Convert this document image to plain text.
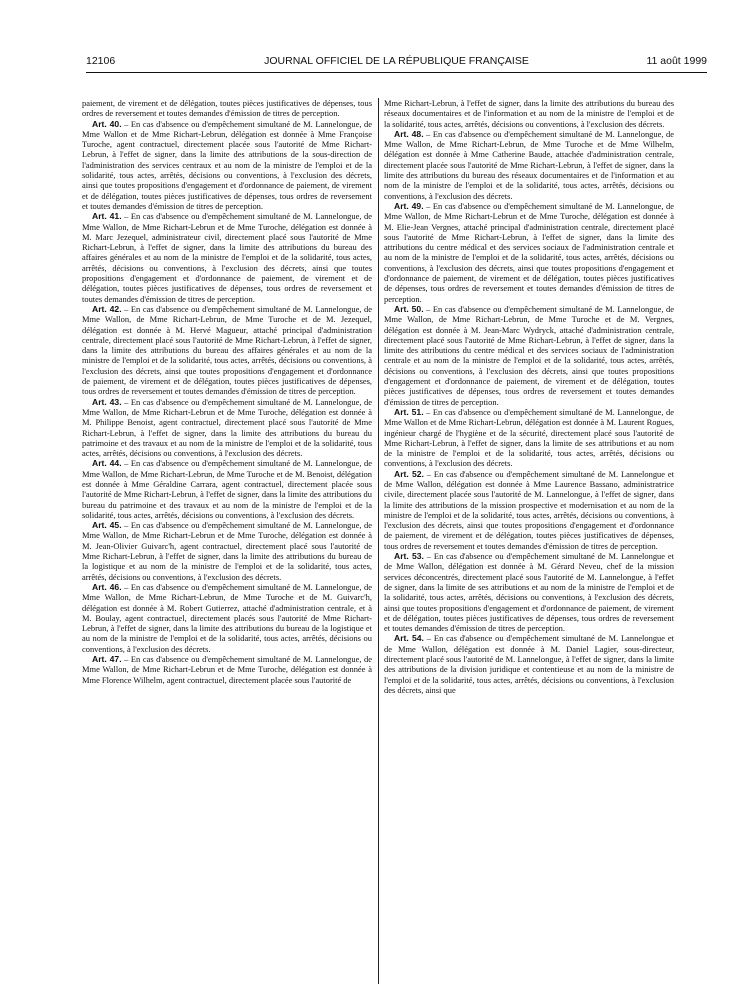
12106	JOURNAL OFFICIEL DE LA RÉPUBLIQUE FRANÇAISE	11 août 1999

paiement, de virement et de délégation, toutes pièces justificatives de dépenses, tous ordres de reversement et toutes demandes d'émission de titres de perception.

Art. 40. – En cas d'absence ou d'empêchement simultané de M. Lannelongue, de Mme Wallon et de Mme Richart-Lebrun, délégation est donnée à Mme Françoise Turoche, agent contractuel, directement placée sous l'autorité de Mme Richart-Lebrun, à l'effet de signer, dans la limite des attributions de la sous-direction de l'administration des services centraux et au nom de la ministre de l'emploi et de la solidarité, tous actes, arrêtés, décisions ou conventions, à l'exclusion des décrets, ainsi que toutes propositions d'engagement et d'ordonnance de paiement, de virement et de délégation, toutes pièces justificatives de dépenses, tous ordres de reversement et toutes demandes d'émission de titres de perception.

Art. 41. – En cas d'absence ou d'empêchement simultané de M. Lannelongue, de Mme Wallon, de Mme Richart-Lebrun et de Mme Turoche, délégation est donnée à M. Marc Jezequel, administrateur civil, directement placé sous l'autorité de Mme Richart-Lebrun, à l'effet de signer, dans la limite des attributions du bureau des affaires générales et au nom de la ministre de l'emploi et de la solidarité, tous actes, arrêtés, décisions ou conventions, à l'exclusion des décrets, ainsi que toutes propositions d'engagement et d'ordonnance de paiement, de virement et de délégation, toutes pièces justificatives de dépenses, tous ordres de reversement et toutes demandes d'émission de titres de perception.

Art. 42. – En cas d'absence ou d'empêchement simultané de M. Lannelongue, de Mme Wallon, de Mme Richart-Lebrun, de Mme Turoche et de M. Jezequel, délégation est donnée à M. Hervé Magueur, attaché principal d'administration centrale, directement placé sous l'autorité de Mme Richart-Lebrun, à l'effet de signer, dans la limite des attributions du bureau des affaires générales et au nom de la ministre de l'emploi et de la solidarité, tous actes, arrêtés, décisions ou conventions, à l'exclusion des décrets, ainsi que toutes propositions d'engagement et d'ordonnance de paiement, de virement et de délégation, toutes pièces justificatives de dépenses, tous ordres de reversement et toutes demandes d'émission de titres de perception.

Art. 43. – En cas d'absence ou d'empêchement simultané de M. Lannelongue, de Mme Wallon, de Mme Richart-Lebrun et de Mme Turoche, délégation est donnée à M. Philippe Benoist, agent contractuel, directement placé sous l'autorité de Mme Richart-Lebrun, à l'effet de signer, dans la limite des attributions du bureau du patrimoine et des travaux et au nom de la ministre de l'emploi et de la solidarité, tous actes, arrêtés, décisions ou conventions, à l'exclusion des décrets.

Art. 44. – En cas d'absence ou d'empêchement simultané de M. Lannelongue, de Mme Wallon, de Mme Richart-Lebrun, de Mme Turoche et de M. Benoist, délégation est donnée à Mme Géraldine Carrara, agent contractuel, directement placée sous l'autorité de Mme Richart-Lebrun, à l'effet de signer, dans la limite des attributions du bureau du patrimoine et des travaux et au nom de la ministre de l'emploi et de la solidarité, tous actes, arrêtés, décisions ou conventions, à l'exclusion des décrets.

Art. 45. – En cas d'absence ou d'empêchement simultané de M. Lannelongue, de Mme Wallon, de Mme Richart-Lebrun et de Mme Turoche, délégation est donnée à M. Jean-Olivier Guivarc'h, agent contractuel, directement placé sous l'autorité de Mme Richart-Lebrun, à l'effet de signer, dans la limite des attributions du bureau de la logistique et au nom de la ministre de l'emploi et de la solidarité, tous actes, arrêtés, décisions ou conventions, à l'exclusion des décrets.

Art. 46. – En cas d'absence ou d'empêchement simultané de M. Lannelongue, de Mme Wallon, de Mme Richart-Lebrun, de Mme Turoche et de M. Guivarc'h, délégation est donnée à M. Robert Gutierrez, attaché d'administration centrale, et à M. Boulay, agent contractuel, directement placés sous l'autorité de Mme Richart-Lebrun, à l'effet de signer, dans la limite des attributions du bureau de la logistique et au nom de la ministre de l'emploi et de la solidarité, tous actes, arrêtés, décisions ou conventions, à l'exclusion des décrets.

Art. 47. – En cas d'absence ou d'empêchement simultané de M. Lannelongue, de Mme Wallon, de Mme Richart-Lebrun et de Mme Turoche, délégation est donnée à Mme Florence Wilhelm, agent contractuel, directement placée sous l'autorité de

Mme Richart-Lebrun, à l'effet de signer, dans la limite des attributions du bureau des réseaux documentaires et de l'information et au nom de la ministre de l'emploi et de la solidarité, tous actes, arrêtés, décisions ou conventions, à l'exclusion des décrets.

Art. 48. – En cas d'absence ou d'empêchement simultané de M. Lannelongue, de Mme Wallon, de Mme Richart-Lebrun, de Mme Turoche et de Mme Wilhelm, délégation est donnée à Mme Catherine Baude, attachée d'administration centrale, directement placée sous l'autorité de Mme Richart-Lebrun, à l'effet de signer, dans la limite des attributions du bureau des réseaux documentaires et de l'information et au nom de la ministre de l'emploi et de la solidarité, tous actes, arrêtés, décisions ou conventions, à l'exclusion des décrets.

Art. 49. – En cas d'absence ou d'empêchement simultané de M. Lannelongue, de Mme Wallon, de Mme Richart-Lebrun et de Mme Turoche, délégation est donnée à M. Elie-Jean Vergnes, attaché principal d'administration centrale, directement placé sous l'autorité de Mme Richart-Lebrun, à l'effet de signer, dans la limite des attributions du centre médical et des services sociaux de l'administration centrale et au nom de la ministre de l'emploi et de la solidarité, tous actes, arrêtés, décisions ou conventions, à l'exclusion des décrets, ainsi que toutes propositions d'engagement et d'ordonnance de paiement, de virement et de délégation, toutes pièces justificatives de dépenses, tous ordres de reversement et toutes demandes d'émission de titres de perception.

Art. 50. – En cas d'absence ou d'empêchement simultané de M. Lannelongue, de Mme Wallon, de Mme Richart-Lebrun, de Mme Turoche et de M. Vergnes, délégation est donnée à M. Jean-Marc Wydryck, attaché d'administration centrale, directement placé sous l'autorité de Mme Richart-Lebrun, à l'effet de signer, dans la limite des attributions du centre médical et des services sociaux de l'administration centrale et au nom de la ministre de l'emploi et de la solidarité, tous actes, arrêtés, décisions ou conventions, à l'exclusion des décrets, ainsi que toutes propositions d'engagement et d'ordonnance de paiement, de virement et de délégation, toutes pièces justificatives de dépenses, tous ordres de reversement et toutes demandes d'émission de titres de perception.

Art. 51. – En cas d'absence ou d'empêchement simultané de M. Lannelongue, de Mme Wallon et de Mme Richart-Lebrun, délégation est donnée à M. Laurent Rogues, ingénieur chargé de l'hygiène et de la sécurité, directement placé sous l'autorité de Mme Richart-Lebrun, à l'effet de signer, dans la limite de ses attributions et au nom de la ministre de l'emploi et de la solidarité, tous actes, arrêtés, décisions ou conventions, à l'exclusion des décrets.

Art. 52. – En cas d'absence ou d'empêchement simultané de M. Lannelongue et de Mme Wallon, délégation est donnée à Mme Laurence Bassano, administratrice civile, directement placée sous l'autorité de M. Lannelongue, à l'effet de signer, dans la limite des attributions de la mission prospective et modernisation et au nom de la ministre de l'emploi et de la solidarité, tous actes, arrêtés, décisions ou conventions, à l'exclusion des décrets, ainsi que toutes propositions d'engagement et d'ordonnance de paiement, de virement et de délégation, toutes pièces justificatives de dépenses, tous ordres de reversement et toutes demandes d'émission de titres de perception.

Art. 53. – En cas d'absence ou d'empêchement simultané de M. Lannelongue et de Mme Wallon, délégation est donnée à M. Gérard Neveu, chef de la mission services déconcentrés, directement placé sous l'autorité de M. Lannelongue, à l'effet de signer, dans la limite de ses attributions et au nom de la ministre de l'emploi et de la solidarité, tous actes, arrêtés, décisions ou conventions, à l'exclusion des décrets, ainsi que toutes propositions d'engagement et d'ordonnance de paiement, de virement et de délégation, toutes pièces justificatives de dépenses, tous ordres de reversement et toutes demandes d'émission de titres de perception.

Art. 54. – En cas d'absence ou d'empêchement simultané de M. Lannelongue et de Mme Wallon, délégation est donnée à M. Daniel Lagier, sous-directeur, directement placé sous l'autorité de M. Lannelongue, à l'effet de signer, dans la limite des attributions de la division juridique et contentieuse et au nom de la ministre de l'emploi et de la solidarité, tous actes, arrêtés, décisions ou conventions, à l'exclusion des décrets, ainsi que
